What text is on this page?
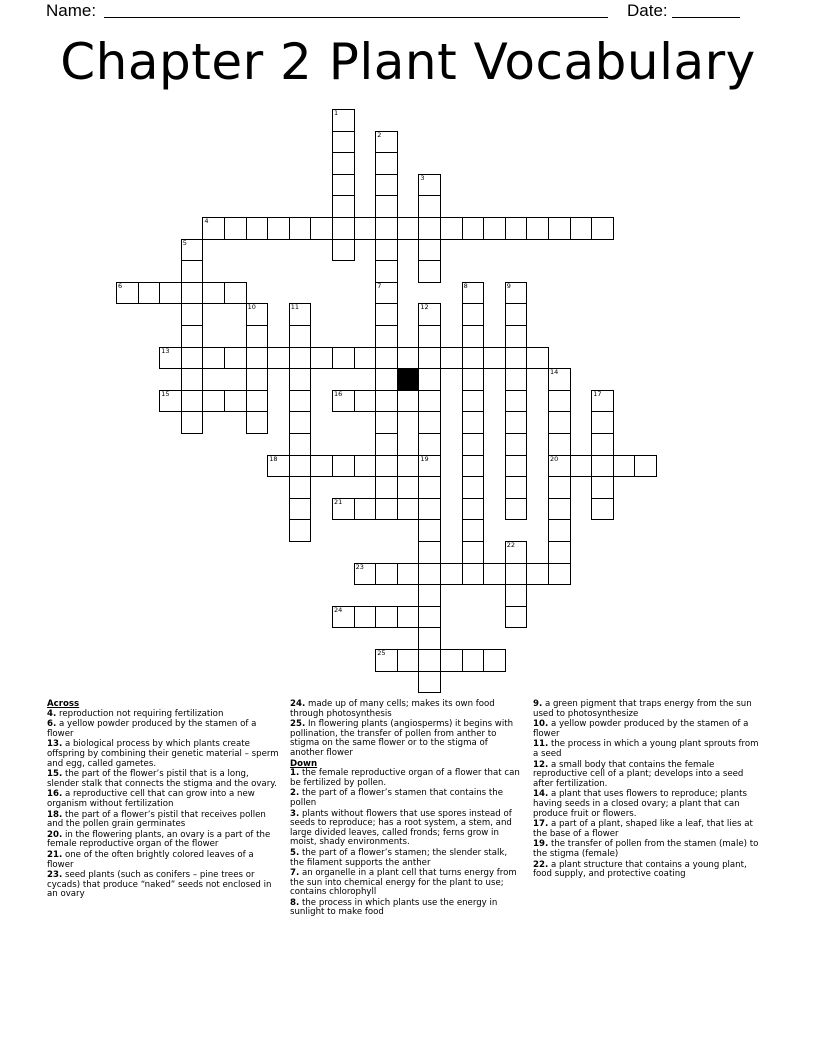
Name:	Date:
Chapter 2 Plant Vocabulary
1
2
3
4
5
6	7	8	9
10	11	12
13
14
20
15	16	17
18	19
21
22
23
24
25
Across
4. reproduction not requiring fertilization
6. a yellow powder produced by the stamen of a flower
13. a biological process by which plants create offspring by combining their genetic material – sperm and egg, called gametes.
15. the part of the flower’s pistil that is a long, slender stalk that connects the stigma and the ovary.
16. a reproductive cell that can grow into a new organism without fertilization
18. the part of a flower’s pistil that receives pollen and the pollen grain germinates
20. in the flowering plants, an ovary is a part of the female reproductive organ of the flower
21. one of the often brightly colored leaves of a flower
23. seed plants (such as conifers – pine trees or cycads) that produce “naked” seeds not enclosed in an ovary
24. made up of many cells; makes its own food through photosynthesis
25. In flowering plants (angiosperms) it begins with pollination, the transfer of pollen from anther to stigma on the same flower or to the stigma of another flower
Down
1. the female reproductive organ of a flower that can be fertilized by pollen.
2. the part of a flower’s stamen that contains the pollen
3. plants without flowers that use spores instead of seeds to reproduce; has a root system, a stem, and large divided leaves, called fronds; ferns grow in moist, shady environments.
5. the part of a flower’s stamen; the slender stalk, the filament supports the anther
7. an organelle in a plant cell that turns energy from the sun into chemical energy for the plant to use; contains chlorophyll
8. the process in which plants use the energy in sunlight to make food
9. a green pigment that traps energy from the sun used to photosynthesize
10. a yellow powder produced by the stamen of a flower
11. the process in which a young plant sprouts from a seed
12. a small body that contains the female reproductive cell of a plant; develops into a seed after fertilization.
14. a plant that uses flowers to reproduce; plants having seeds in a closed ovary; a plant that can produce fruit or flowers.
17. a part of a plant, shaped like a leaf, that lies at the base of a flower
19. the transfer of pollen from the stamen (male) to the stigma (female)
22. a plant structure that contains a young plant, food supply, and protective coating
